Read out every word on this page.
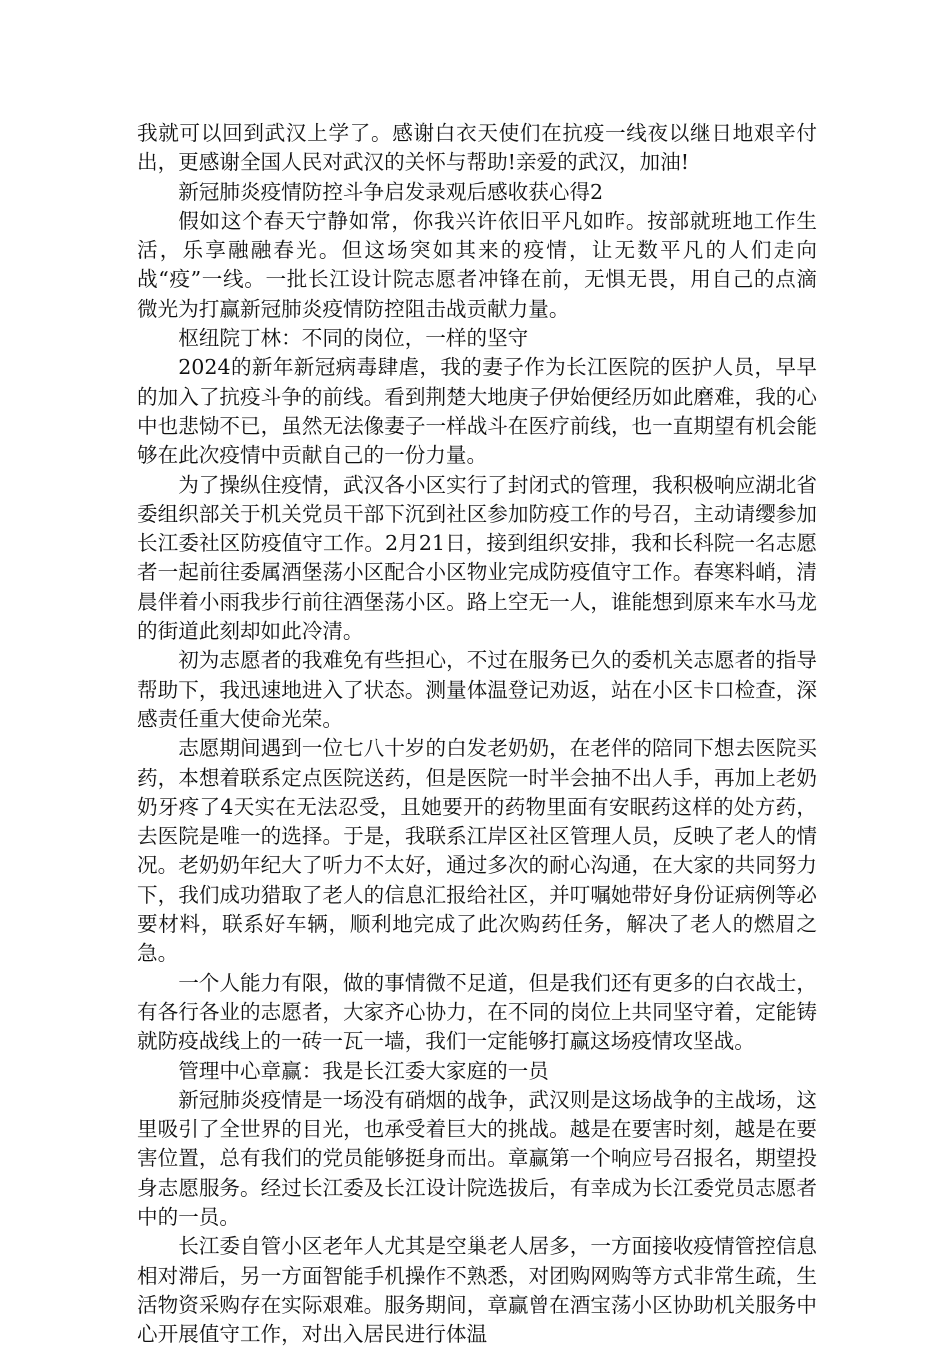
我就可以回到武汉上学了。感谢白衣天使们在抗疫一线夜以继日地艰辛付出，更感谢全国人民对武汉的关怀与帮助!亲爱的武汉，加油!

新冠肺炎疫情防控斗争启发录观后感收获心得2

假如这个春天宁静如常，你我兴许依旧平凡如昨。按部就班地工作生活，乐享融融春光。但这场突如其来的疫情，让无数平凡的人们走向战“疫”一线。一批长江设计院志愿者冲锋在前，无惧无畏，用自己的点滴微光为打赢新冠肺炎疫情防控阻击战贡献力量。

枢纽院丁林：不同的岗位，一样的坚守

2024的新年新冠病毒肆虐，我的妻子作为长江医院的医护人员，早早的加入了抗疫斗争的前线。看到荆楚大地庚子伊始便经历如此磨难，我的心中也悲恸不已，虽然无法像妻子一样战斗在医疗前线，也一直期望有机会能够在此次疫情中贡献自己的一份力量。

为了操纵住疫情，武汉各小区实行了封闭式的管理，我积极响应湖北省委组织部关于机关党员干部下沉到社区参加防疫工作的号召，主动请缨参加长江委社区防疫值守工作。2月21日，接到组织安排，我和长科院一名志愿者一起前往委属酒堡荡小区配合小区物业完成防疫值守工作。春寒料峭，清晨伴着小雨我步行前往酒堡荡小区。路上空无一人，谁能想到原来车水马龙的街道此刻却如此冷清。

初为志愿者的我难免有些担心，不过在服务已久的委机关志愿者的指导帮助下，我迅速地进入了状态。测量体温登记劝返，站在小区卡口检查，深感责任重大使命光荣。

志愿期间遇到一位七八十岁的白发老奶奶，在老伴的陪同下想去医院买药，本想着联系定点医院送药，但是医院一时半会抽不出人手，再加上老奶奶牙疼了4天实在无法忍受，且她要开的药物里面有安眠药这样的处方药，去医院是唯一的选择。于是，我联系江岸区社区管理人员，反映了老人的情况。老奶奶年纪大了听力不太好，通过多次的耐心沟通，在大家的共同努力下，我们成功猎取了老人的信息汇报给社区，并叮嘱她带好身份证病例等必要材料，联系好车辆，顺利地完成了此次购药任务，解决了老人的燃眉之急。

一个人能力有限，做的事情微不足道，但是我们还有更多的白衣战士，有各行各业的志愿者，大家齐心协力，在不同的岗位上共同坚守着，定能铸就防疫战线上的一砖一瓦一墙，我们一定能够打赢这场疫情攻坚战。

管理中心章赢：我是长江委大家庭的一员

新冠肺炎疫情是一场没有硝烟的战争，武汉则是这场战争的主战场，这里吸引了全世界的目光，也承受着巨大的挑战。越是在要害时刻，越是在要害位置，总有我们的党员能够挺身而出。章赢第一个响应号召报名，期望投身志愿服务。经过长江委及长江设计院选拔后，有幸成为长江委党员志愿者中的一员。

长江委自管小区老年人尤其是空巢老人居多，一方面接收疫情管控信息相对滞后，另一方面智能手机操作不熟悉，对团购网购等方式非常生疏，生活物资采购存在实际艰难。服务期间，章赢曾在酒宝荡小区协助机关服务中心开展值守工作，对出入居民进行体温
